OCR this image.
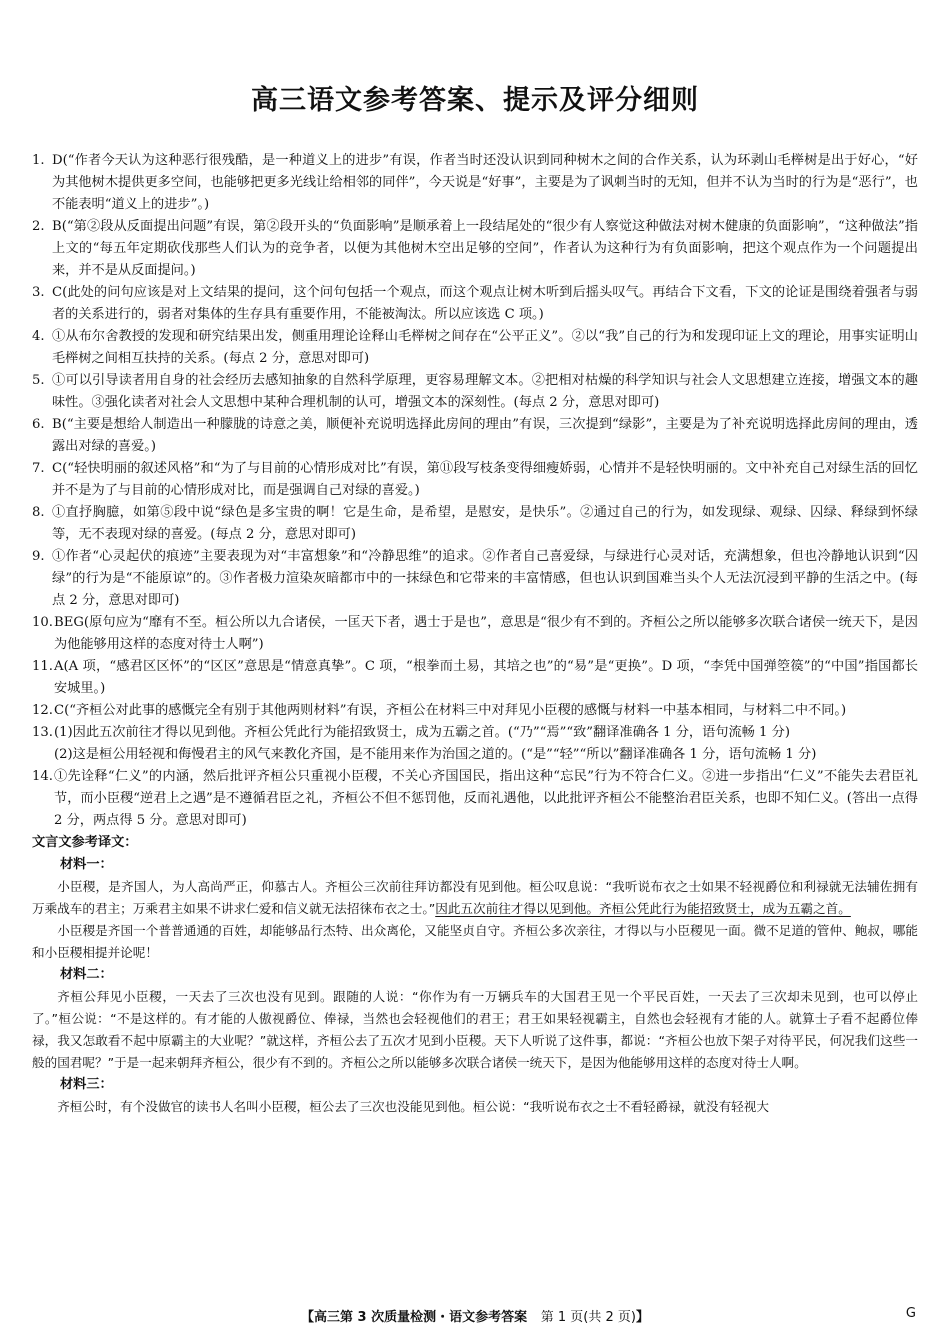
高三语文参考答案、提示及评分细则
1. D(“作者今天认为这种恶行很残酷，是一种道义上的进步”有误，作者当时还没认识到同种树木之间的合作关系，认为环剥山毛榉树是出于好心，“好为其他树木提供更多空间，也能够把更多光线让给相邻的同伴”，今天说是“好事”，主要是为了讽刺当时的无知，但并不认为当时的行为是“恶行”，也不能表明“道义上的进步”。)
2. B(“第②段从反面提出问题”有误，第②段开头的“负面影响”是顺承着上一段结尾处的“很少有人察觉这种做法对树木健康的负面影响”，“这种做法”指上文的“每五年定期砍伐那些人们认为的竞争者，以便为其他树木空出足够的空间”，作者认为这种行为有负面影响，把这个观点作为一个问题提出来，并不是从反面提问。)
3. C(此处的问句应该是对上文结果的提问，这个问句包括一个观点，而这个观点让树木听到后摇头叹气。再结合下文看，下文的论证是围绕着强者与弱者的关系进行的，弱者对集体的生存具有重要作用，不能被淘汰。所以应该选 C 项。)
4. ①从布尔舍教授的发现和研究结果出发，侧重用理论诠释山毛榉树之间存在“公平正义”。②以“我”自己的行为和发现印证上文的理论，用事实证明山毛榉树之间相互扶持的关系。(每点 2 分，意思对即可)
5. ①可以引导读者用自身的社会经历去感知抽象的自然科学原理，更容易理解文本。②把相对枯燥的科学知识与社会人文思想建立连接，增强文本的趣味性。③强化读者对社会人文思想中某种合理机制的认可，增强文本的深刻性。(每点 2 分，意思对即可)
6. B(“主要是想给人制造出一种朦胧的诗意之美，顺便补充说明选择此房间的理由”有误，三次提到“绿影”，主要是为了补充说明选择此房间的理由，透露出对绿的喜爱。)
7. C(“轻快明丽的叙述风格”和“为了与目前的心情形成对比”有误，第⑪段写枝条变得细瘦娇弱，心情并不是轻快明丽的。文中补充自己对绿生活的回忆并不是为了与目前的心情形成对比，而是强调自己对绿的喜爱。)
8. ①直抒胸臆，如第⑤段中说“绿色是多宝贵的啊！它是生命，是希望，是慰安，是快乐”。②通过自己的行为，如发现绿、观绿、囚绿、释绿到怀绿等，无不表现对绿的喜爱。(每点 2 分，意思对即可)
9. ①作者“心灵起伏的痕迹”主要表现为对“丰富想象”和“冷静思维”的追求。②作者自己喜爱绿，与绿进行心灵对话，充满想象，但也冷静地认识到“囚绿”的行为是“不能原谅”的。③作者极力渲染灰暗都市中的一抹绿色和它带来的丰富情感，但也认识到国难当头个人无法沉浸到平静的生活之中。(每点 2 分，意思对即可)
10. BEG(原句应为“靡有不至。桓公所以九合诸侯，一匡天下者，遇士于是也”，意思是“很少有不到的。齐桓公之所以能够多次联合诸侯一统天下，是因为他能够用这样的态度对待士人啊”)
11. A(A 项，“感君区区怀”的“区区”意思是“情意真挚”。C 项，“根拳而土易，其培之也”的“易”是“更换”。D 项，“李凭中国弹箜篌”的“中国”指国都长安城里。)
12. C(“齐桓公对此事的感慨完全有别于其他两则材料”有误，齐桓公在材料三中对拜见小臣稷的感慨与材料一中基本相同，与材料二中不同。)
13. (1)因此五次前往才得以见到他。齐桓公凭此行为能招致贤士，成为五霸之首。(“乃”“焉”“致”翻译准确各 1 分，语句流畅 1 分)
(2)这是桓公用轻视和侮慢君主的风气来教化齐国，是不能用来作为治国之道的。(“是”“轻”“所以”翻译准确各 1 分，语句流畅 1 分)
14. ①先诠释“仁义”的内涵，然后批评齐桓公只重视小臣稷，不关心齐国国民，指出这种“忘民”行为不符合仁义。②进一步指出“仁义”不能失去君臣礼节，而小臣稷“逆君上之遇”是不遵循君臣之礼，齐桓公不但不惩罚他，反而礼遇他，以此批评齐桓公不能整治君臣关系，也即不知仁义。(答出一点得 2 分，两点得 5 分。意思对即可)
文言文参考译文：
材料一：
小臣稷，是齐国人，为人高尚严正，仰慕古人。齐桓公三次前往拜访都没有见到他。桓公叹息说：“我听说布衣之士如果不轻视爵位和利禄就无法辅佐拥有万乘战车的君主；万乘君主如果不讲求仁爱和信义就无法招徕布衣之士。”因此五次前往才得以见到他。齐桓公凭此行为能招致贤士，成为五霸之首。
小臣稷是齐国一个普普通通的百姓，却能够品行杰特、出众离伦，又能坚贞自守。齐桓公多次亲往，才得以与小臣稷见一面。微不足道的管仲、鲍叔，哪能和小臣稷相提并论呢！
材料二：
齐桓公拜见小臣稷，一天去了三次也没有见到。跟随的人说：“你作为有一万辆兵车的大国君王见一个平民百姓，一天去了三次却未见到，也可以停止了。”桓公说：“不是这样的。有才能的人傲视爵位、俸禄，当然也会轻视他们的君王；君王如果轻视霸主，自然也会轻视有才能的人。就算士子看不起爵位俸禄，我又怎敢看不起中原霸主的大业呢？”就这样，齐桓公去了五次才见到小臣稷。天下人听说了这件事，都说：“齐桓公也放下架子对待平民，何况我们这些一般的国君呢？”于是一起来朝拜齐桓公，很少有不到的。齐桓公之所以能够多次联合诸侯一统天下，是因为他能够用这样的态度对待士人啊。
材料三：
齐桓公时，有个没做官的读书人名叫小臣稷，桓公去了三次也没能见到他。桓公说：“我听说布衣之士不看轻爵禄，就没有轻视大
【高三第 3 次质量检测・语文参考答案 第 1 页(共 2 页)】	G
